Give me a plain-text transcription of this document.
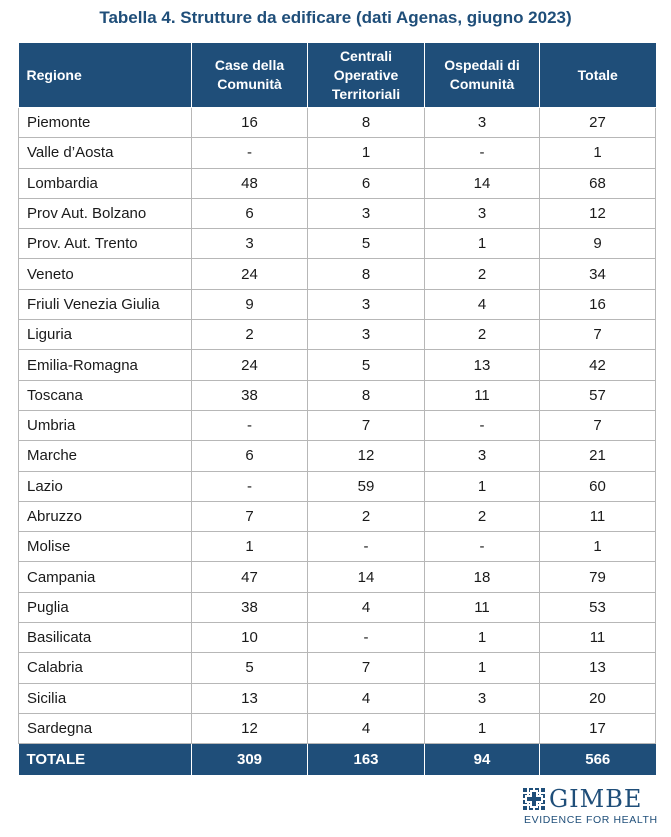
Tabella 4. Strutture da edificare (dati Agenas, giugno 2023)
Regione	Case della Comunità	Centrali Operative Territoriali	Ospedali di Comunità	Totale
Piemonte	16	8	3	27
Valle d’Aosta	-	1	-	1
Lombardia	48	6	14	68
Prov Aut. Bolzano	6	3	3	12
Prov. Aut. Trento	3	5	1	9
Veneto	24	8	2	34
Friuli Venezia Giulia	9	3	4	16
Liguria	2	3	2	7
Emilia-Romagna	24	5	13	42
Toscana	38	8	11	57
Umbria	-	7	-	7
Marche	6	12	3	21
Lazio	-	59	1	60
Abruzzo	7	2	2	11
Molise	1	-	-	1
Campania	47	14	18	79
Puglia	38	4	11	53
Basilicata	10	-	1	11
Calabria	5	7	1	13
Sicilia	13	4	3	20
Sardegna	12	4	1	17
TOTALE	309	163	94	566
GIMBE
EVIDENCE FOR HEALTH
